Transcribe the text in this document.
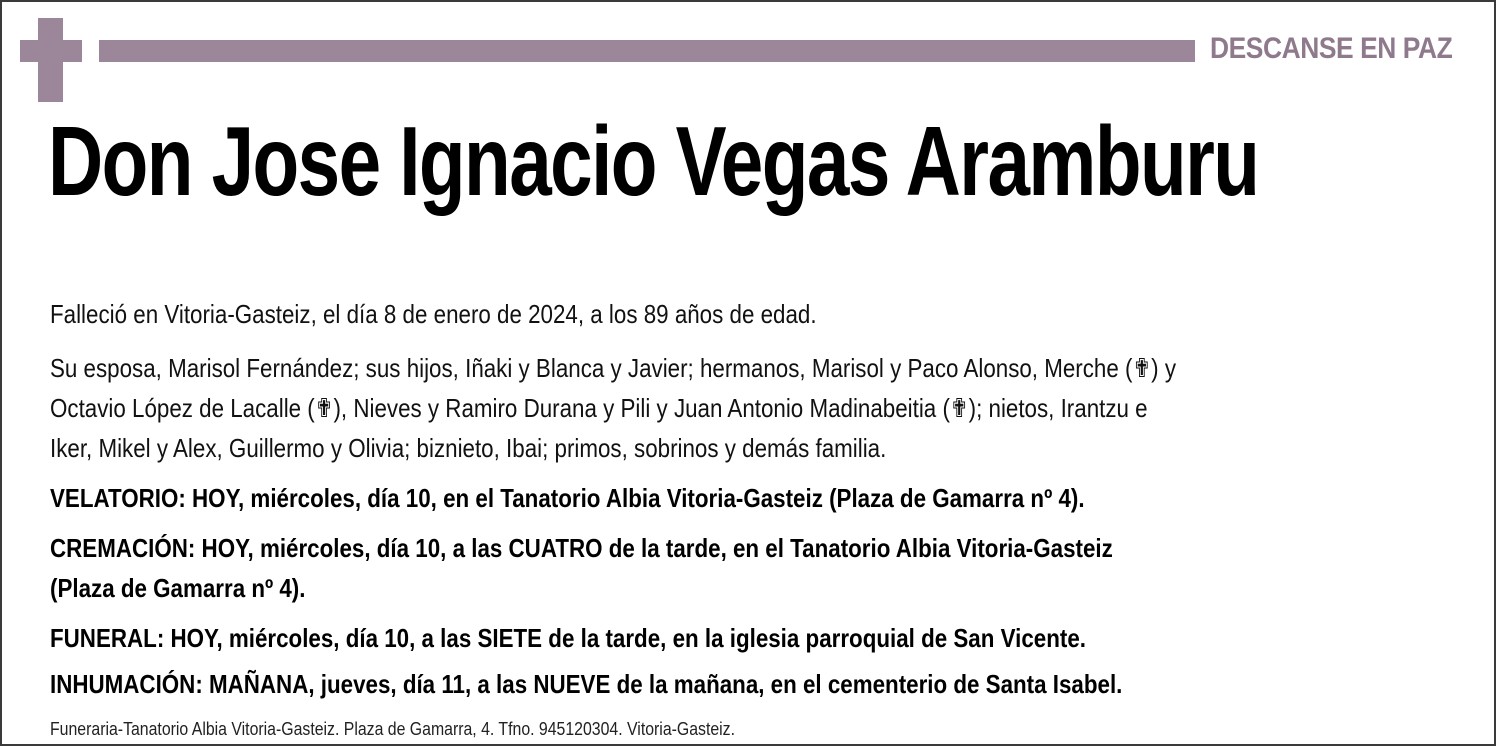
DESCANSE EN PAZ
Don Jose Ignacio Vegas Aramburu
Falleció en Vitoria-Gasteiz, el día 8 de enero de 2024, a los 89 años de edad.
Su esposa, Marisol Fernández; sus hijos, Iñaki y Blanca y Javier; hermanos, Marisol y Paco Alonso, Merche (✟) y
Octavio López de Lacalle (✟), Nieves y Ramiro Durana y Pili y Juan Antonio Madinabeitia (✟); nietos, Irantzu e
Iker, Mikel y Alex, Guillermo y Olivia; biznieto, Ibai; primos, sobrinos y demás familia.
VELATORIO: HOY, miércoles, día 10, en el Tanatorio Albia Vitoria-Gasteiz (Plaza de Gamarra nº 4).
CREMACIÓN: HOY, miércoles, día 10, a las CUATRO de la tarde, en el Tanatorio Albia Vitoria-Gasteiz
(Plaza de Gamarra nº 4).
FUNERAL: HOY, miércoles, día 10, a las SIETE de la tarde, en la iglesia parroquial de San Vicente.
INHUMACIÓN: MAÑANA, jueves, día 11, a las NUEVE de la mañana, en el cementerio de Santa Isabel.
Funeraria-Tanatorio Albia Vitoria-Gasteiz. Plaza de Gamarra, 4. Tfno. 945120304. Vitoria-Gasteiz.
